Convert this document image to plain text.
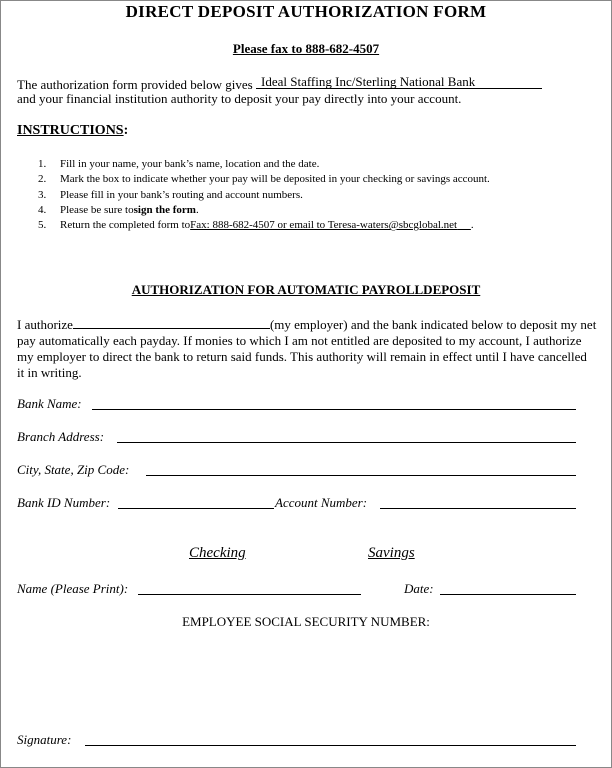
DIRECT DEPOSIT AUTHORIZATION FORM
Please fax to 888-682-4507
The authorization form provided below gives Ideal Staffing Inc/Sterling National Bank
and your financial institution authority to deposit your pay directly into your account.
INSTRUCTIONS:
1.	Fill in your name, your bank’s name, location and the date.
2.	Mark the box to indicate whether your pay will be deposited in your checking or savings account.
3.	Please fill in your bank’s routing and account numbers.
4.	Please be sure to sign the form .
5.	Return the completed form to Fax: 888-682-4507 or email to Teresa-waters@sbcglobal.net
.
AUTHORIZATION FOR AUTOMATIC PAYROLLDEPOSIT
I authorize	(my employer) and the bank indicated below to deposit my net pay automatically each payday. If monies to which I am not entitled are deposited to my account, I authorize my employer to direct the bank to return said funds. This authority will remain in effect until I have cancelled it in writing.
Bank Name:
Branch Address:
City, State, Zip Code:
Bank ID Number:	Account Number:
Checking	Savings
Name (Please Print):	Date:
EMPLOYEE SOCIAL SECURITY NUMBER:
Signature:
